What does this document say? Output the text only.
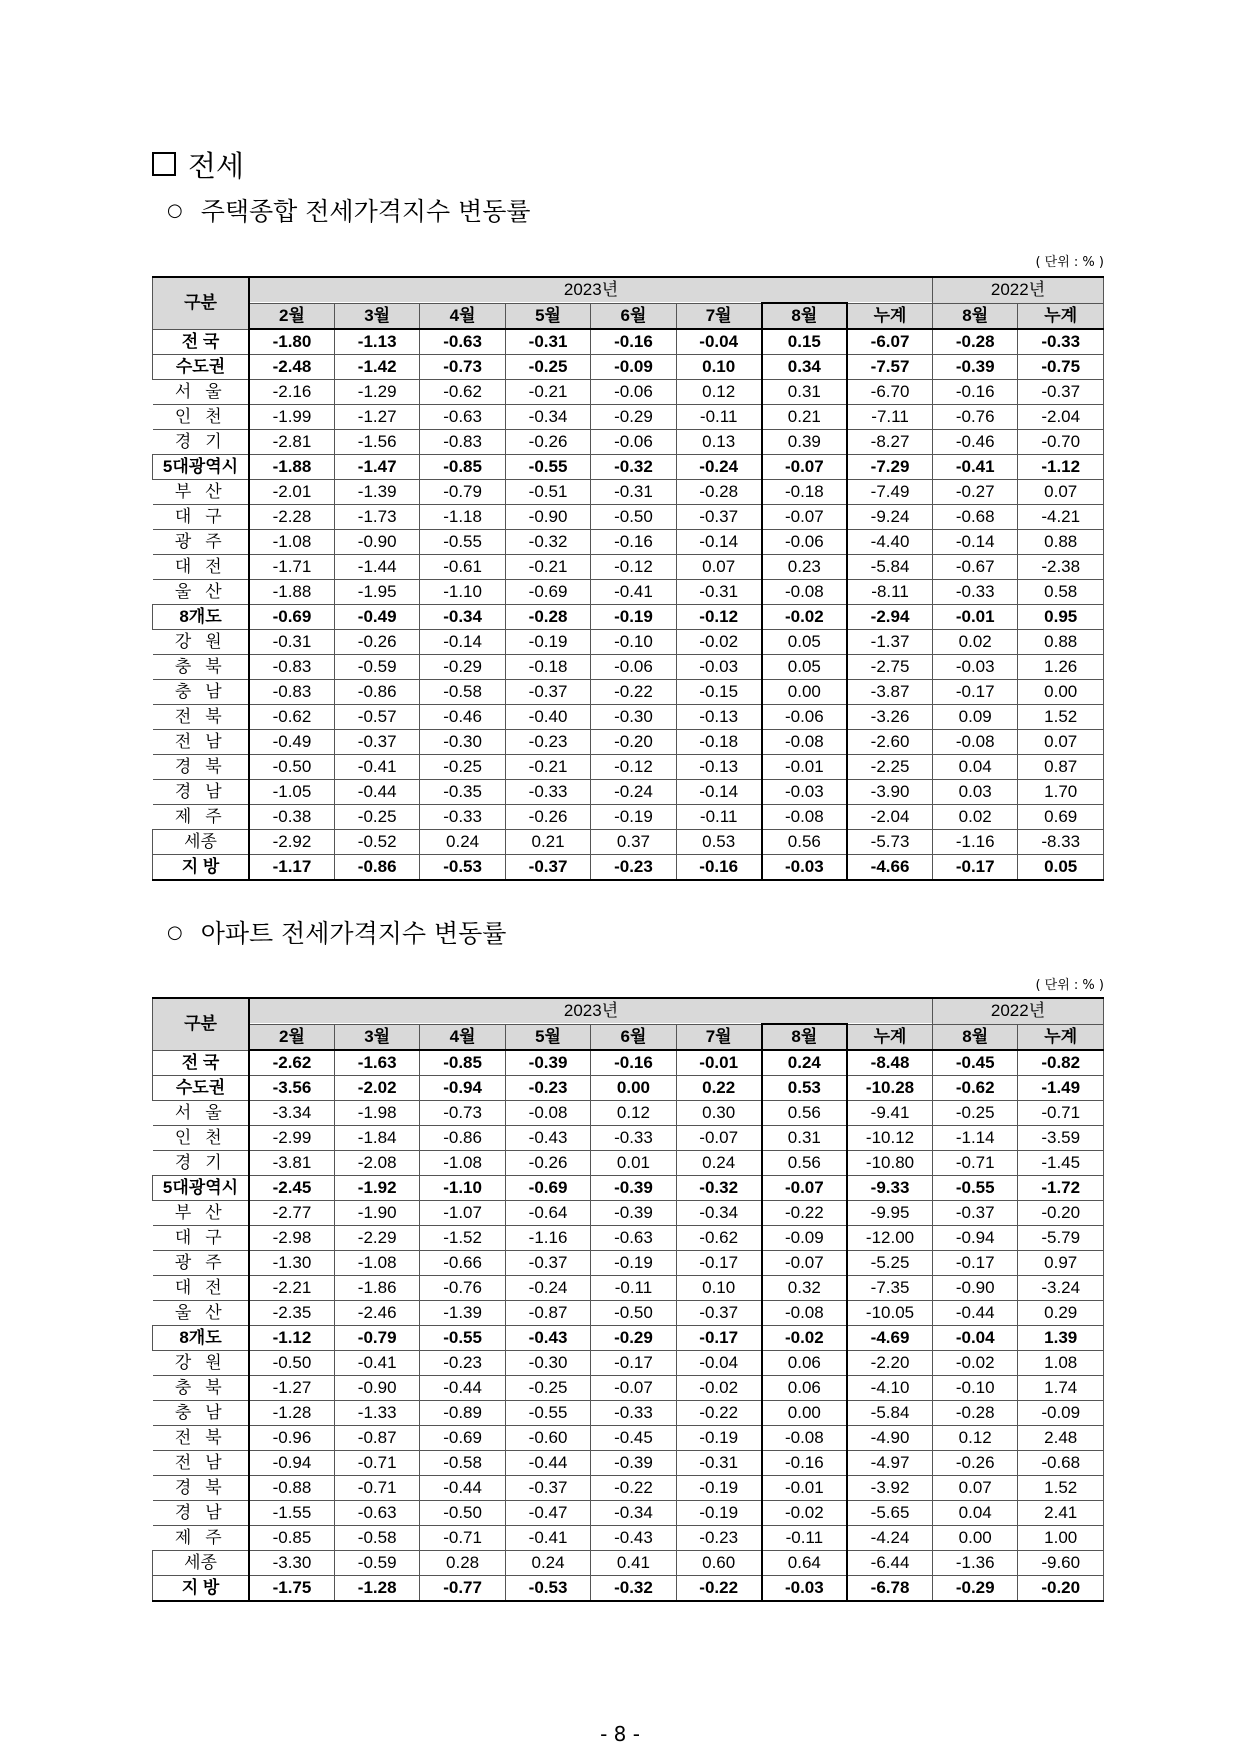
전세
○ 주택종합 전세가격지수 변동률
( 단위 : % )
구분	2023년								2022년	
	2월	3월	4월	5월	6월	7월	8월	누계	8월	누계
전 국	-1.80	-1.13	-0.63	-0.31	-0.16	-0.04	0.15	-6.07	-0.28	-0.33
수도권	-2.48	-1.42	-0.73	-0.25	-0.09	0.10	0.34	-7.57	-0.39	-0.75
서울	-2.16	-1.29	-0.62	-0.21	-0.06	0.12	0.31	-6.70	-0.16	-0.37
인천	-1.99	-1.27	-0.63	-0.34	-0.29	-0.11	0.21	-7.11	-0.76	-2.04
경기	-2.81	-1.56	-0.83	-0.26	-0.06	0.13	0.39	-8.27	-0.46	-0.70
5대광역시	-1.88	-1.47	-0.85	-0.55	-0.32	-0.24	-0.07	-7.29	-0.41	-1.12
부산	-2.01	-1.39	-0.79	-0.51	-0.31	-0.28	-0.18	-7.49	-0.27	0.07
대구	-2.28	-1.73	-1.18	-0.90	-0.50	-0.37	-0.07	-9.24	-0.68	-4.21
광주	-1.08	-0.90	-0.55	-0.32	-0.16	-0.14	-0.06	-4.40	-0.14	0.88
대전	-1.71	-1.44	-0.61	-0.21	-0.12	0.07	0.23	-5.84	-0.67	-2.38
울산	-1.88	-1.95	-1.10	-0.69	-0.41	-0.31	-0.08	-8.11	-0.33	0.58
8개도	-0.69	-0.49	-0.34	-0.28	-0.19	-0.12	-0.02	-2.94	-0.01	0.95
강원	-0.31	-0.26	-0.14	-0.19	-0.10	-0.02	0.05	-1.37	0.02	0.88
충북	-0.83	-0.59	-0.29	-0.18	-0.06	-0.03	0.05	-2.75	-0.03	1.26
충남	-0.83	-0.86	-0.58	-0.37	-0.22	-0.15	0.00	-3.87	-0.17	0.00
전북	-0.62	-0.57	-0.46	-0.40	-0.30	-0.13	-0.06	-3.26	0.09	1.52
전남	-0.49	-0.37	-0.30	-0.23	-0.20	-0.18	-0.08	-2.60	-0.08	0.07
경북	-0.50	-0.41	-0.25	-0.21	-0.12	-0.13	-0.01	-2.25	0.04	0.87
경남	-1.05	-0.44	-0.35	-0.33	-0.24	-0.14	-0.03	-3.90	0.03	1.70
제주	-0.38	-0.25	-0.33	-0.26	-0.19	-0.11	-0.08	-2.04	0.02	0.69
세종	-2.92	-0.52	0.24	0.21	0.37	0.53	0.56	-5.73	-1.16	-8.33
지 방	-1.17	-0.86	-0.53	-0.37	-0.23	-0.16	-0.03	-4.66	-0.17	0.05
○ 아파트 전세가격지수 변동률
( 단위 : % )
구분	2023년								2022년	
	2월	3월	4월	5월	6월	7월	8월	누계	8월	누계
전 국	-2.62	-1.63	-0.85	-0.39	-0.16	-0.01	0.24	-8.48	-0.45	-0.82
수도권	-3.56	-2.02	-0.94	-0.23	0.00	0.22	0.53	-10.28	-0.62	-1.49
서울	-3.34	-1.98	-0.73	-0.08	0.12	0.30	0.56	-9.41	-0.25	-0.71
인천	-2.99	-1.84	-0.86	-0.43	-0.33	-0.07	0.31	-10.12	-1.14	-3.59
경기	-3.81	-2.08	-1.08	-0.26	0.01	0.24	0.56	-10.80	-0.71	-1.45
5대광역시	-2.45	-1.92	-1.10	-0.69	-0.39	-0.32	-0.07	-9.33	-0.55	-1.72
부산	-2.77	-1.90	-1.07	-0.64	-0.39	-0.34	-0.22	-9.95	-0.37	-0.20
대구	-2.98	-2.29	-1.52	-1.16	-0.63	-0.62	-0.09	-12.00	-0.94	-5.79
광주	-1.30	-1.08	-0.66	-0.37	-0.19	-0.17	-0.07	-5.25	-0.17	0.97
대전	-2.21	-1.86	-0.76	-0.24	-0.11	0.10	0.32	-7.35	-0.90	-3.24
울산	-2.35	-2.46	-1.39	-0.87	-0.50	-0.37	-0.08	-10.05	-0.44	0.29
8개도	-1.12	-0.79	-0.55	-0.43	-0.29	-0.17	-0.02	-4.69	-0.04	1.39
강원	-0.50	-0.41	-0.23	-0.30	-0.17	-0.04	0.06	-2.20	-0.02	1.08
충북	-1.27	-0.90	-0.44	-0.25	-0.07	-0.02	0.06	-4.10	-0.10	1.74
충남	-1.28	-1.33	-0.89	-0.55	-0.33	-0.22	0.00	-5.84	-0.28	-0.09
전북	-0.96	-0.87	-0.69	-0.60	-0.45	-0.19	-0.08	-4.90	0.12	2.48
전남	-0.94	-0.71	-0.58	-0.44	-0.39	-0.31	-0.16	-4.97	-0.26	-0.68
경북	-0.88	-0.71	-0.44	-0.37	-0.22	-0.19	-0.01	-3.92	0.07	1.52
경남	-1.55	-0.63	-0.50	-0.47	-0.34	-0.19	-0.02	-5.65	0.04	2.41
제주	-0.85	-0.58	-0.71	-0.41	-0.43	-0.23	-0.11	-4.24	0.00	1.00
세종	-3.30	-0.59	0.28	0.24	0.41	0.60	0.64	-6.44	-1.36	-9.60
지 방	-1.75	-1.28	-0.77	-0.53	-0.32	-0.22	-0.03	-6.78	-0.29	-0.20
- 8 -
